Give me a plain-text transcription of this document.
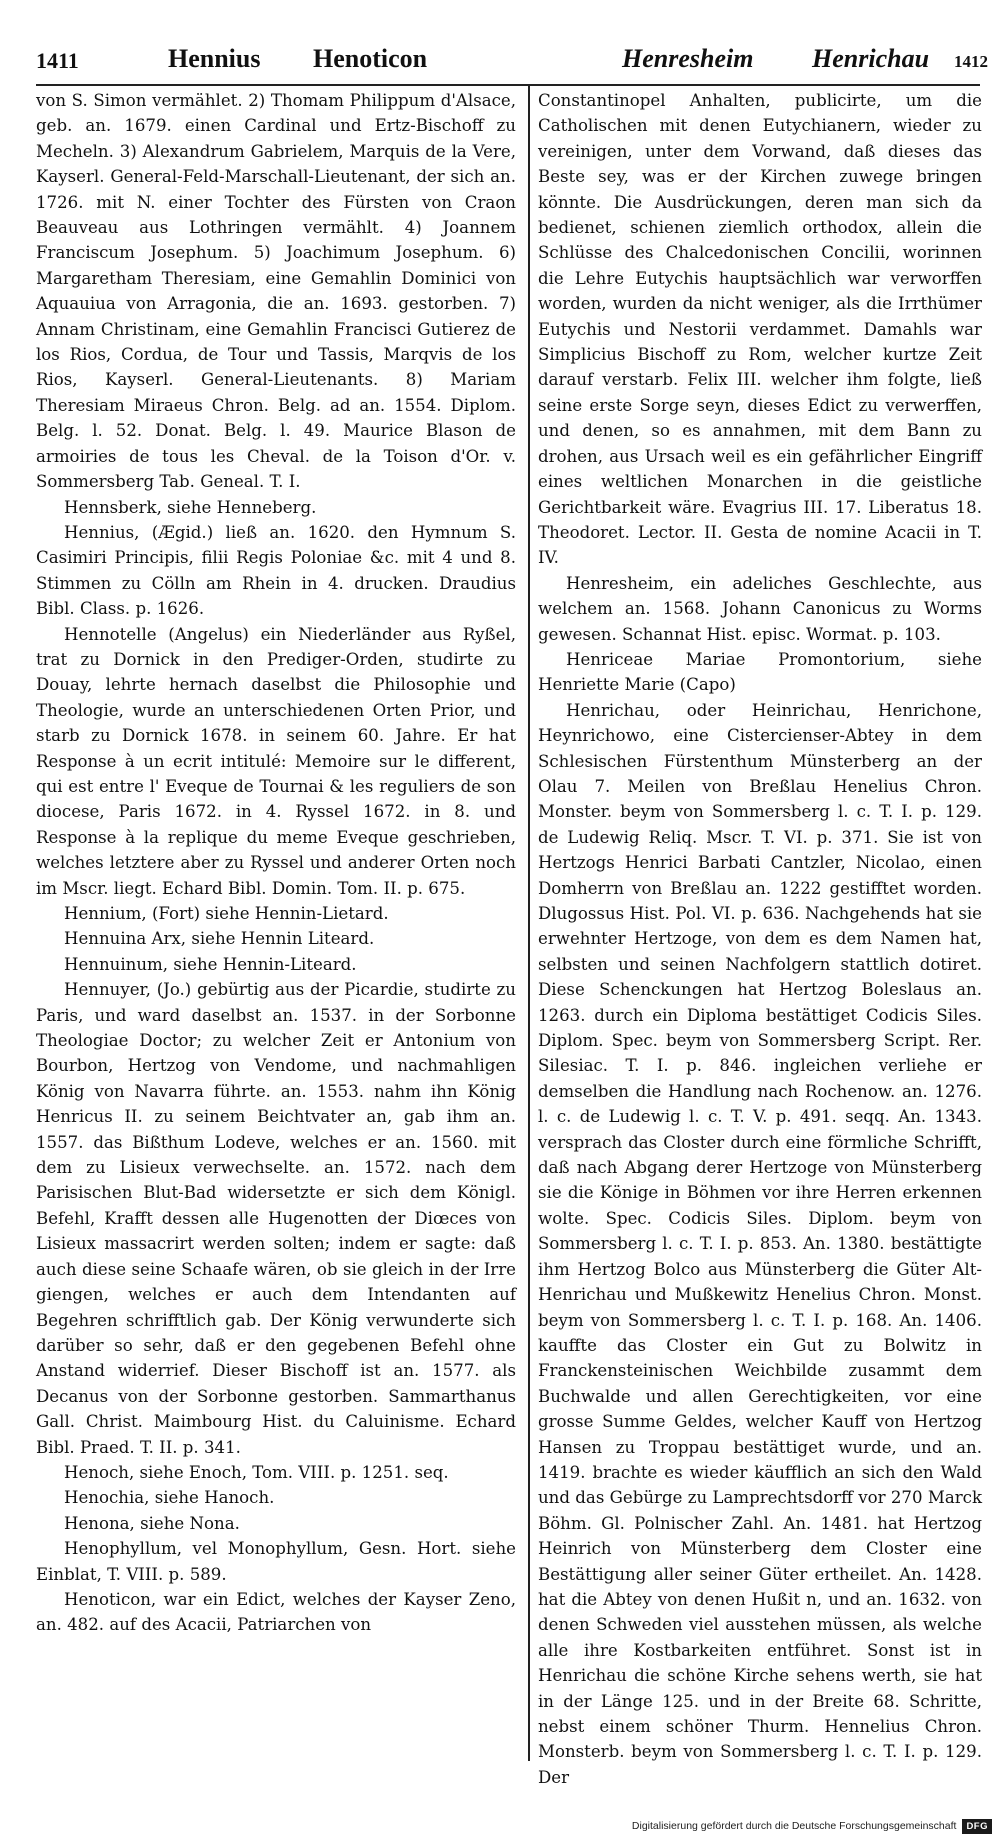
1411	Hennius Henoticon	Henresheim Henrichau 1412

von S. Simon vermählet. 2) Thomam Philippum d'Alsace, geb. an. 1679. einen Cardinal und Ertz-Bischoff zu Mecheln. 3) Alexandrum Gabrielem, Marquis de la Vere, Kayserl. General-Feld-Marschall-Lieutenant, der sich an. 1726. mit N. einer Tochter des Fürsten von Craon Beauveau aus Lothringen vermählt. 4) Joannem Franciscum Josephum. 5) Joachimum Josephum. 6) Margaretham Theresiam, eine Gemahlin Dominici von Aquauiua von Arragonia, die an. 1693. gestorben. 7) Annam Christinam, eine Gemahlin Francisci Gutierez de los Rios, Cordua, de Tour und Tassis, Marqvis de los Rios, Kayserl. General-Lieutenants. 8) Mariam Theresiam Miraeus Chron. Belg. ad an. 1554. Diplom. Belg. l. 52. Donat. Belg. l. 49. Maurice Blason de armoiries de tous les Cheval. de la Toison d'Or. v. Sommersberg Tab. Geneal. T. I.

Hennsberk, siehe Henneberg.

Hennius, (Ægid.) ließ an. 1620. den Hymnum S. Casimiri Principis, filii Regis Poloniae &c. mit 4 und 8. Stimmen zu Cölln am Rhein in 4. drucken. Draudius Bibl. Class. p. 1626.

Hennotelle (Angelus) ein Niederländer aus Ryßel, trat zu Dornick in den Prediger-Orden, studirte zu Douay, lehrte hernach daselbst die Philosophie und Theologie, wurde an unterschiedenen Orten Prior, und starb zu Dornick 1678. in seinem 60. Jahre. Er hat Response à un ecrit intitulé: Memoire sur le different, qui est entre l' Eveque de Tournai & les reguliers de son diocese, Paris 1672. in 4. Ryssel 1672. in 8. und Response à la replique du meme Eveque geschrieben, welches letztere aber zu Ryssel und anderer Orten noch im Mscr. liegt. Echard Bibl. Domin. Tom. II. p. 675.

Hennium, (Fort) siehe Hennin-Lietard.

Hennuina Arx, siehe Hennin Liteard.

Hennuinum, siehe Hennin-Liteard.

Hennuyer, (Jo.) gebürtig aus der Picardie, studirte zu Paris, und ward daselbst an. 1537. in der Sorbonne Theologiae Doctor; zu welcher Zeit er Antonium von Bourbon, Hertzog von Vendome, und nachmahligen König von Navarra führte. an. 1553. nahm ihn König Henricus II. zu seinem Beichtvater an, gab ihm an. 1557. das Bißthum Lodeve, welches er an. 1560. mit dem zu Lisieux verwechselte. an. 1572. nach dem Parisischen Blut-Bad widersetzte er sich dem Königl. Befehl, Krafft dessen alle Hugenotten der Diœces von Lisieux massacrirt werden solten; indem er sagte: daß auch diese seine Schaafe wären, ob sie gleich in der Irre giengen, welches er auch dem Intendanten auf Begehren schrifftlich gab. Der König verwunderte sich darüber so sehr, daß er den gegebenen Befehl ohne Anstand widerrief. Dieser Bischoff ist an. 1577. als Decanus von der Sorbonne gestorben. Sammarthanus Gall. Christ. Maimbourg Hist. du Caluinisme. Echard Bibl. Praed. T. II. p. 341.

Henoch, siehe Enoch, Tom. VIII. p. 1251. seq.

Henochia, siehe Hanoch.

Henona, siehe Nona.

Henophyllum, vel Monophyllum, Gesn. Hort. siehe Einblat, T. VIII. p. 589.

Henoticon, war ein Edict, welches der Kayser Zeno, an. 482. auf des Acacii, Patriarchen von

Constantinopel Anhalten, publicirte, um die Catholischen mit denen Eutychianern, wieder zu vereinigen, unter dem Vorwand, daß dieses das Beste sey, was er der Kirchen zuwege bringen könnte. Die Ausdrückungen, deren man sich da bedienet, schienen ziemlich orthodox, allein die Schlüsse des Chalcedonischen Concilii, worinnen die Lehre Eutychis hauptsächlich war verworffen worden, wurden da nicht weniger, als die Irrthümer Eutychis und Nestorii verdammet. Damahls war Simplicius Bischoff zu Rom, welcher kurtze Zeit darauf verstarb. Felix III. welcher ihm folgte, ließ seine erste Sorge seyn, dieses Edict zu verwerffen, und denen, so es annahmen, mit dem Bann zu drohen, aus Ursach weil es ein gefährlicher Eingriff eines weltlichen Monarchen in die geistliche Gerichtbarkeit wäre. Evagrius III. 17. Liberatus 18. Theodoret. Lector. II. Gesta de nomine Acacii in T. IV.

Henresheim, ein adeliches Geschlechte, aus welchem an. 1568. Johann Canonicus zu Worms gewesen. Schannat Hist. episc. Wormat. p. 103.

Henriceae Mariae Promontorium, siehe Henriette Marie (Capo)

Henrichau, oder Heinrichau, Henrichone, Heynrichowo, eine Cistercienser-Abtey in dem Schlesischen Fürstenthum Münsterberg an der Olau 7. Meilen von Breßlau Henelius Chron. Monster. beym von Sommersberg l. c. T. I. p. 129. de Ludewig Reliq. Mscr. T. VI. p. 371. Sie ist von Hertzogs Henrici Barbati Cantzler, Nicolao, einen Domherrn von Breßlau an. 1222 gestifftet worden. Dlugossus Hist. Pol. VI. p. 636. Nachgehends hat sie erwehnter Hertzoge, von dem es dem Namen hat, selbsten und seinen Nachfolgern stattlich dotiret. Diese Schenckungen hat Hertzog Boleslaus an. 1263. durch ein Diploma bestättiget Codicis Siles. Diplom. Spec. beym von Sommersberg Script. Rer. Silesiac. T. I. p. 846. ingleichen verliehe er demselben die Handlung nach Rochenow. an. 1276. l. c. de Ludewig l. c. T. V. p. 491. seqq. An. 1343. versprach das Closter durch eine förmliche Schrifft, daß nach Abgang derer Hertzoge von Münsterberg sie die Könige in Böhmen vor ihre Herren erkennen wolte. Spec. Codicis Siles. Diplom. beym von Sommersberg l. c. T. I. p. 853. An. 1380. bestättigte ihm Hertzog Bolco aus Münsterberg die Güter Alt-Henrichau und Mußkewitz Henelius Chron. Monst. beym von Sommersberg l. c. T. I. p. 168. An. 1406. kauffte das Closter ein Gut zu Bolwitz in Franckensteinischen Weichbilde zusammt dem Buchwalde und allen Gerechtigkeiten, vor eine grosse Summe Geldes, welcher Kauff von Hertzog Hansen zu Troppau bestättiget wurde, und an. 1419. brachte es wieder käufflich an sich den Wald und das Gebürge zu Lamprechtsdorff vor 270 Marck Böhm. Gl. Polnischer Zahl. An. 1481. hat Hertzog Heinrich von Münsterberg dem Closter eine Bestättigung aller seiner Güter ertheilet. An. 1428. hat die Abtey von denen Hußit n, und an. 1632. von denen Schweden viel ausstehen müssen, als welche alle ihre Kostbarkeiten entführet. Sonst ist in Henrichau die schöne Kirche sehens werth, sie hat in der Länge 125. und in der Breite 68. Schritte, nebst einem schöner Thurm. Hennelius Chron. Monsterb. beym von Sommersberg l. c. T. I. p. 129. Der

Digitalisierung gefördert durch die Deutsche Forschungsgemeinschaft	DFG
